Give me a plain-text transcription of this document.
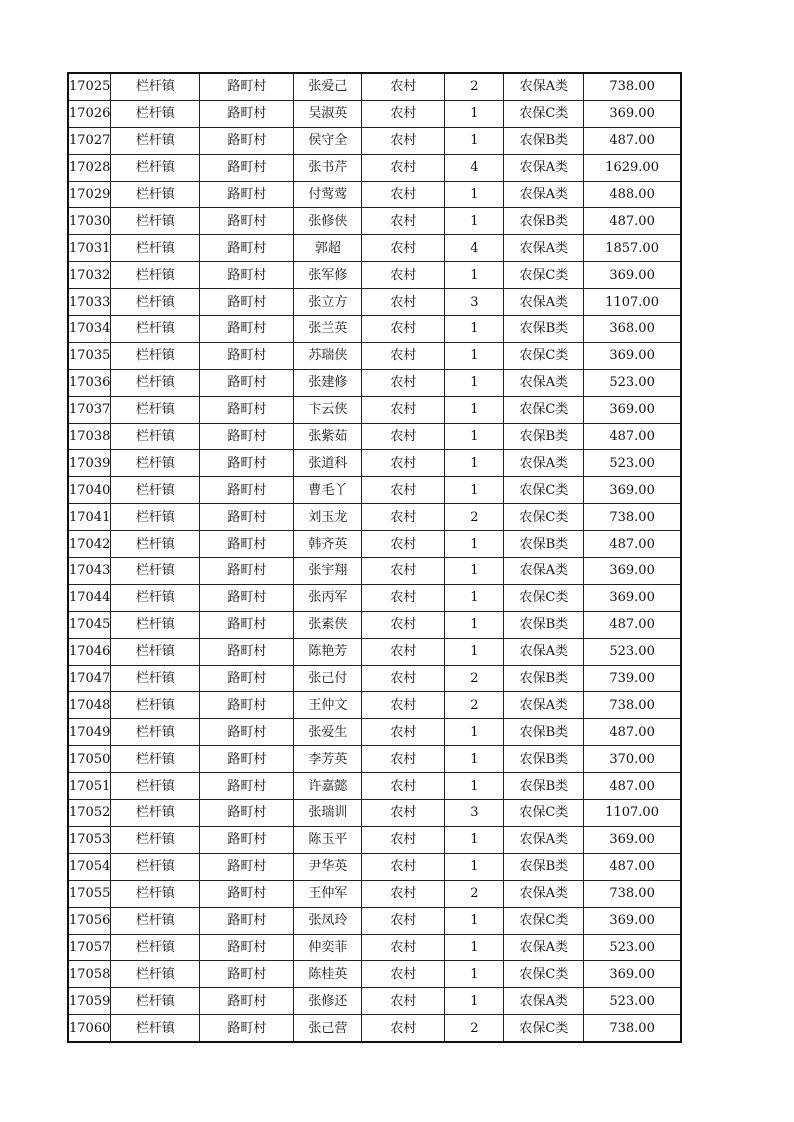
17025	栏杆镇	路町村	张爱己	农村	2	农保A类	738.00
17026	栏杆镇	路町村	吴淑英	农村	1	农保C类	369.00
17027	栏杆镇	路町村	侯守全	农村	1	农保B类	487.00
17028	栏杆镇	路町村	张书芹	农村	4	农保A类	1629.00
17029	栏杆镇	路町村	付莺莺	农村	1	农保A类	488.00
17030	栏杆镇	路町村	张修侠	农村	1	农保B类	487.00
17031	栏杆镇	路町村	郭超	农村	4	农保A类	1857.00
17032	栏杆镇	路町村	张军修	农村	1	农保C类	369.00
17033	栏杆镇	路町村	张立方	农村	3	农保A类	1107.00
17034	栏杆镇	路町村	张兰英	农村	1	农保B类	368.00
17035	栏杆镇	路町村	苏瑞侠	农村	1	农保C类	369.00
17036	栏杆镇	路町村	张建修	农村	1	农保A类	523.00
17037	栏杆镇	路町村	卞云侠	农村	1	农保C类	369.00
17038	栏杆镇	路町村	张紫茹	农村	1	农保B类	487.00
17039	栏杆镇	路町村	张道科	农村	1	农保A类	523.00
17040	栏杆镇	路町村	曹毛丫	农村	1	农保C类	369.00
17041	栏杆镇	路町村	刘玉龙	农村	2	农保C类	738.00
17042	栏杆镇	路町村	韩齐英	农村	1	农保B类	487.00
17043	栏杆镇	路町村	张宇翔	农村	1	农保A类	369.00
17044	栏杆镇	路町村	张丙军	农村	1	农保C类	369.00
17045	栏杆镇	路町村	张素侠	农村	1	农保B类	487.00
17046	栏杆镇	路町村	陈艳芳	农村	1	农保A类	523.00
17047	栏杆镇	路町村	张己付	农村	2	农保B类	739.00
17048	栏杆镇	路町村	王仲文	农村	2	农保A类	738.00
17049	栏杆镇	路町村	张爱生	农村	1	农保B类	487.00
17050	栏杆镇	路町村	李芳英	农村	1	农保B类	370.00
17051	栏杆镇	路町村	许嘉懿	农村	1	农保B类	487.00
17052	栏杆镇	路町村	张瑞训	农村	3	农保C类	1107.00
17053	栏杆镇	路町村	陈玉平	农村	1	农保A类	369.00
17054	栏杆镇	路町村	尹华英	农村	1	农保B类	487.00
17055	栏杆镇	路町村	王仲军	农村	2	农保A类	738.00
17056	栏杆镇	路町村	张凤玲	农村	1	农保C类	369.00
17057	栏杆镇	路町村	仲奕菲	农村	1	农保A类	523.00
17058	栏杆镇	路町村	陈桂英	农村	1	农保C类	369.00
17059	栏杆镇	路町村	张修还	农村	1	农保A类	523.00
17060	栏杆镇	路町村	张己营	农村	2	农保C类	738.00
